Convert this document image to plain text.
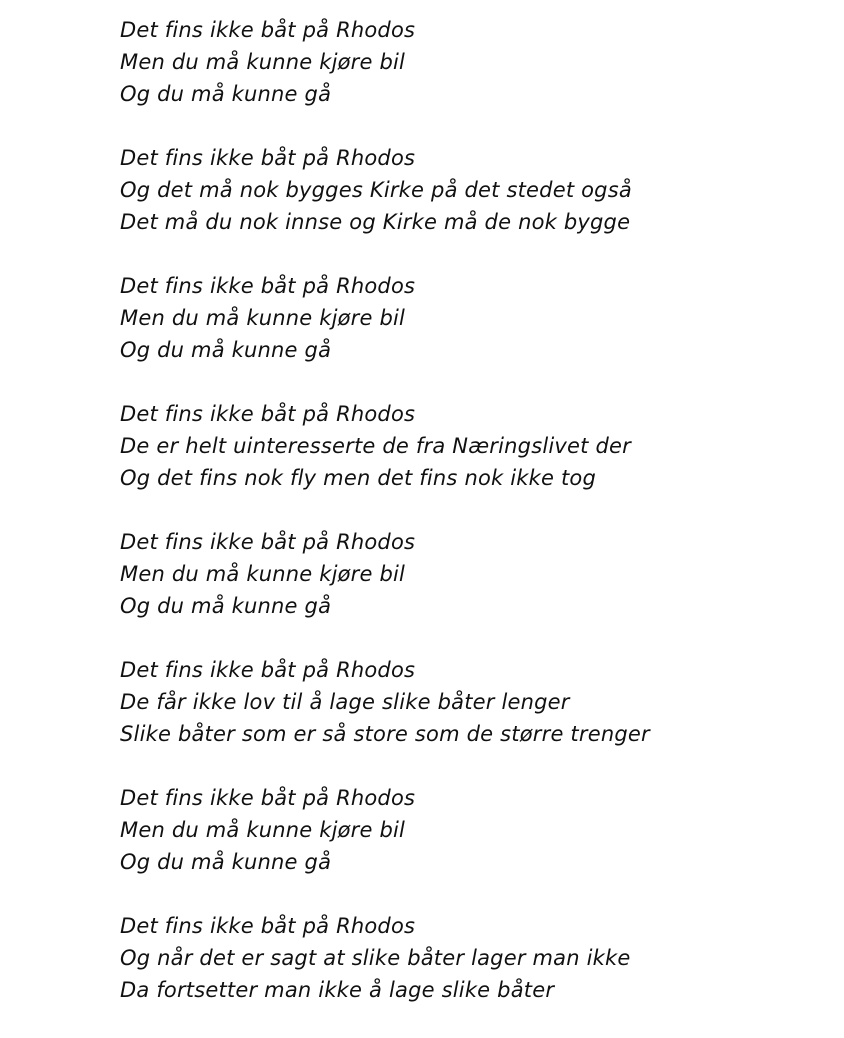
Det fins ikke båt på Rhodos
Men du må kunne kjøre bil
Og du må kunne gå
Det fins ikke båt på Rhodos
Og det må nok bygges Kirke på det stedet også
Det må du nok innse og Kirke må de nok bygge
Det fins ikke båt på Rhodos
Men du må kunne kjøre bil
Og du må kunne gå
Det fins ikke båt på Rhodos
De er helt uinteresserte de fra Næringslivet der
Og det fins nok fly men det fins nok ikke tog
Det fins ikke båt på Rhodos
Men du må kunne kjøre bil
Og du må kunne gå
Det fins ikke båt på Rhodos
De får ikke lov til å lage slike båter lenger
Slike båter som er så store som de større trenger
Det fins ikke båt på Rhodos
Men du må kunne kjøre bil
Og du må kunne gå
Det fins ikke båt på Rhodos
Og når det er sagt at slike båter lager man ikke
Da fortsetter man ikke å lage slike båter
